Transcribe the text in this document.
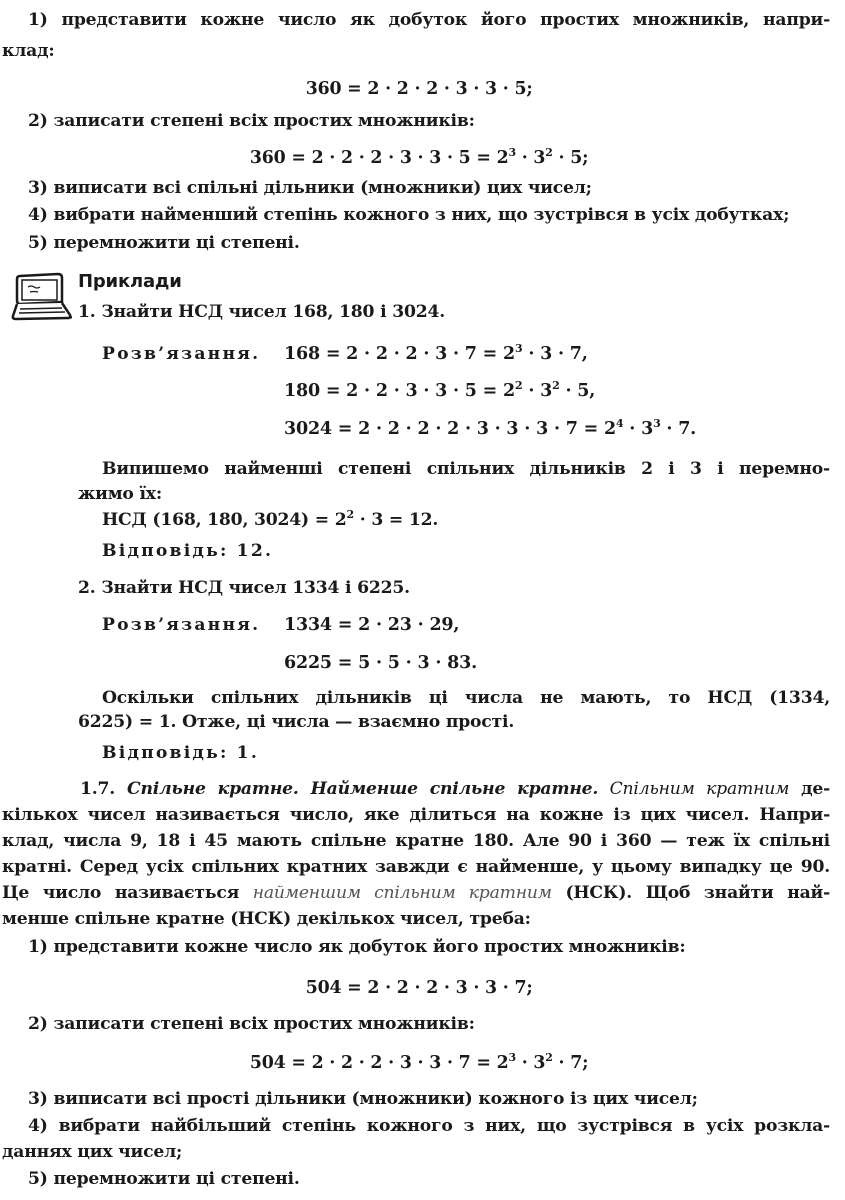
1) представити кожне число як добуток його простих множників, напри-
клад:
360 = 2 · 2 · 2 · 3 · 3 · 5;
2) записати степені всіх простих множників:
$360 = 2 \cdot 2 \cdot 2 \cdot 3 \cdot 3 \cdot 5 = 2^3 \cdot 3^2 \cdot 5$;
3) виписати всі спільні дільники (множники) цих чисел;
4) вибрати найменший степінь кожного з них, що зустрівся в усіх добутках;
5) перемножити ці степені.
Приклади
1. Знайти НСД чисел 168, 180 і 3024.
Розв’язання. $168 = 2 \cdot 2 \cdot 2 \cdot 3 \cdot 7 = 2^3 \cdot 3 \cdot 7$,
$180 = 2 \cdot 2 \cdot 3 \cdot 3 \cdot 5 = 2^2 \cdot 3^2 \cdot 5$,
$3024 = 2 \cdot 2 \cdot 2 \cdot 2 \cdot 3 \cdot 3 \cdot 3 \cdot 7 = 2^4 \cdot 3^3 \cdot 7$.
Випишемо найменші степені спільних дільників 2 і 3 і перемно-
жимо їх:
НСД (168, 180, $3024) = 2^2 \cdot 3 = 12$.
Відповідь: 12.
2. Знайти НСД чисел 1334 і 6225.
Розв’язання. 1334 = 2 · 23 · 29,
6225 = 5 · 5 · 3 · 83.
Оскільки спільних дільників ці числа не мають, то НСД (1334,
6225) = 1. Отже, ці числа — взаємно прості.
Відповідь: 1.
1.7. Спільне кратне. Найменше спільне кратне. Спільним кратним де-
кількох чисел називається число, яке ділиться на кожне із цих чисел. Напри-
клад, числа 9, 18 і 45 мають спільне кратне 180. Але 90 і 360 — теж їх спільні
кратні. Серед усіх спільних кратних завжди є найменше, у цьому випадку це 90.
Це число називається найменшим спільним кратним (НСК). Щоб знайти най-
менше спільне кратне (НСК) декількох чисел, треба:
1) представити кожне число як добуток його простих множників:
504 = 2 · 2 · 2 · 3 · 3 · 7;
2) записати степені всіх простих множників:
$504 = 2 \cdot 2 \cdot 2 \cdot 3 \cdot 3 \cdot 7 = 2^3 \cdot 3^2 \cdot 7$;
3) виписати всі прості дільники (множники) кожного із цих чисел;
4) вибрати найбільший степінь кожного з них, що зустрівся в усіх розкла-
даннях цих чисел;
5) перемножити ці степені.
